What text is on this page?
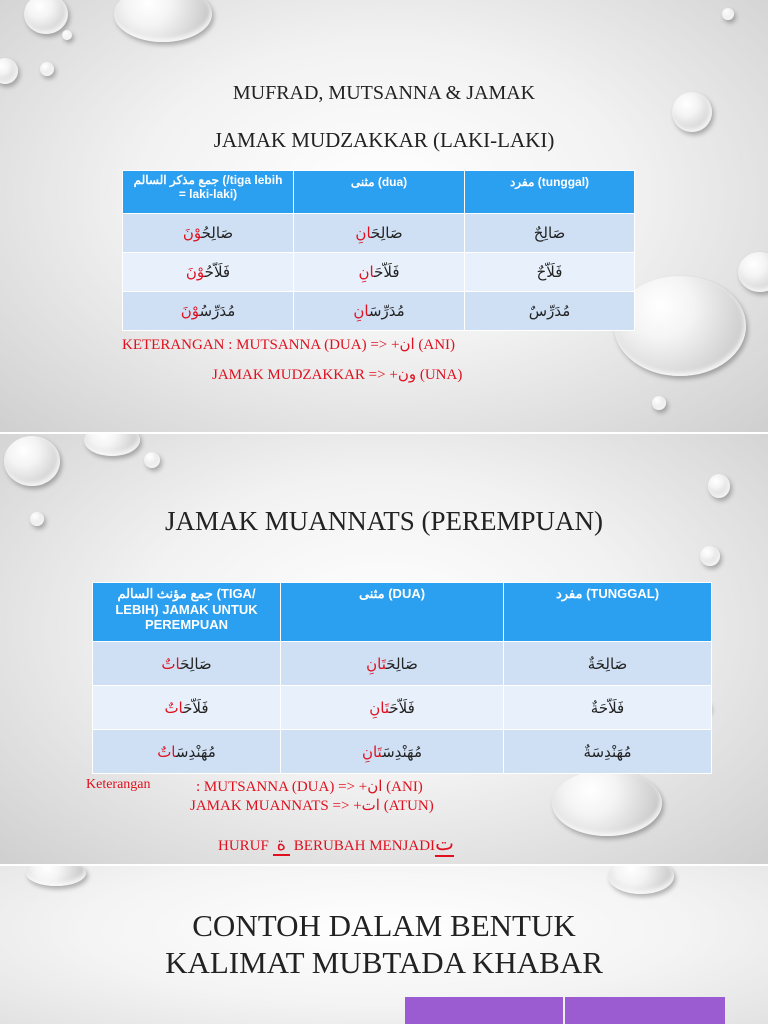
MUFRAD, MUTSANNA & JAMAK
JAMAK MUDZAKKAR (LAKI-LAKI)
جمع مذكر السالم (/tiga lebih = laki-laki)	مثنى (dua)	مفرد (tunggal)
صَالِحُوْنَ	صَالِحَانِ	صَالِحٌ
فَلَاّحُوْنَ	فَلَاّحَانِ	فَلَاّحٌ
مُدَرِّسُوْنَ	مُدَرِّسَانِ	مُدَرِّسٌ
KETERANGAN : MUTSANNA (DUA) => +ان (ANI)
JAMAK MUDZAKKAR => +ون (UNA)
JAMAK MUANNATS (PEREMPUAN)
جمع مؤنث السالم (TIGA/ LEBIH) JAMAK UNTUK PEREMPUAN	مثنى (DUA)	مفرد (TUNGGAL)
صَالِحَاتٌ	صَالِحَتَانِ	صَالِحَةٌ
فَلَاّحَاتٌ	فَلَاّحَتَانِ	فَلَاّحَةٌ
مُهَنْدِسَاتٌ	مُهَنْدِسَتَانِ	مُهَنْدِسَةٌ
Keterangan	: MUTSANNA (DUA) => +ان (ANI)
JAMAK MUANNATS => +ات (ATUN)
HURUF ة BERUBAH MENJADIت
CONTOH DALAM BENTUK
KALIMAT MUBTADA KHABAR
